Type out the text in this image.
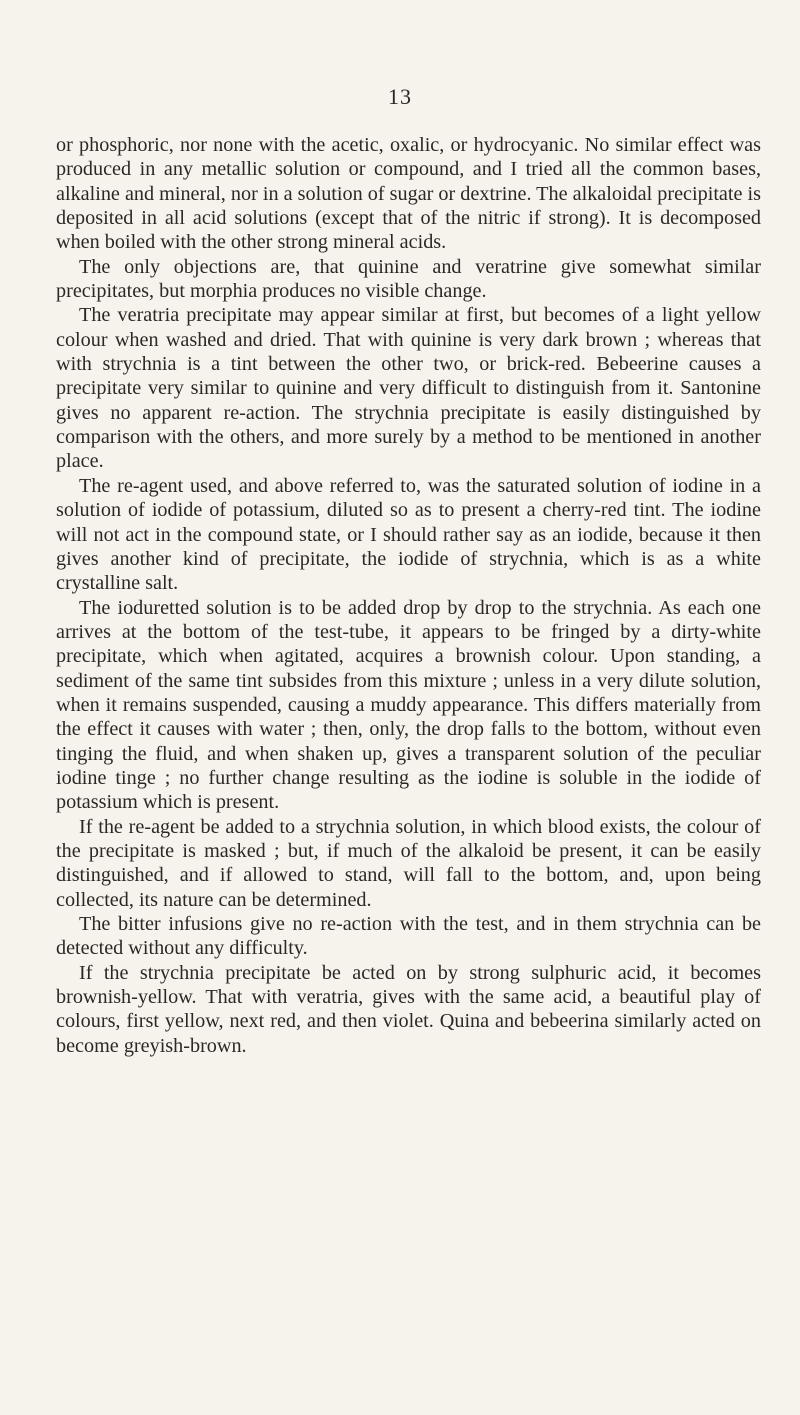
13

or phosphoric, nor none with the acetic, oxalic, or hydrocyanic. No similar effect was produced in any metallic solution or compound, and I tried all the common bases, alkaline and mineral, nor in a solution of sugar or dextrine. The alkaloidal precipitate is deposited in all acid solutions (except that of the nitric if strong). It is decomposed when boiled with the other strong mineral acids.

The only objections are, that quinine and veratrine give somewhat similar precipitates, but morphia produces no visible change.

The veratria precipitate may appear similar at first, but becomes of a light yellow colour when washed and dried. That with quinine is very dark brown ; whereas that with strychnia is a tint between the other two, or brick-red. Bebeerine causes a precipitate very similar to quinine and very difficult to distinguish from it. Santonine gives no apparent re-action. The strychnia precipitate is easily distinguished by comparison with the others, and more surely by a method to be mentioned in another place.

The re-agent used, and above referred to, was the saturated solution of iodine in a solution of iodide of potassium, diluted so as to present a cherry-red tint. The iodine will not act in the compound state, or I should rather say as an iodide, because it then gives another kind of precipitate, the iodide of strychnia, which is as a white crystalline salt.

The ioduretted solution is to be added drop by drop to the strychnia. As each one arrives at the bottom of the test-tube, it appears to be fringed by a dirty-white precipitate, which when agitated, acquires a brownish colour. Upon standing, a sediment of the same tint subsides from this mixture ; unless in a very dilute solution, when it remains suspended, causing a muddy appearance. This differs materially from the effect it causes with water ; then, only, the drop falls to the bottom, without even tinging the fluid, and when shaken up, gives a transparent solution of the peculiar iodine tinge ; no further change resulting as the iodine is soluble in the iodide of potassium which is present.

If the re-agent be added to a strychnia solution, in which blood exists, the colour of the precipitate is masked ; but, if much of the alkaloid be present, it can be easily distinguished, and if allowed to stand, will fall to the bottom, and, upon being collected, its nature can be determined.

The bitter infusions give no re-action with the test, and in them strychnia can be detected without any difficulty.

If the strychnia precipitate be acted on by strong sulphuric acid, it becomes brownish-yellow. That with veratria, gives with the same acid, a beautiful play of colours, first yellow, next red, and then violet. Quina and bebeerina similarly acted on become greyish-brown.
